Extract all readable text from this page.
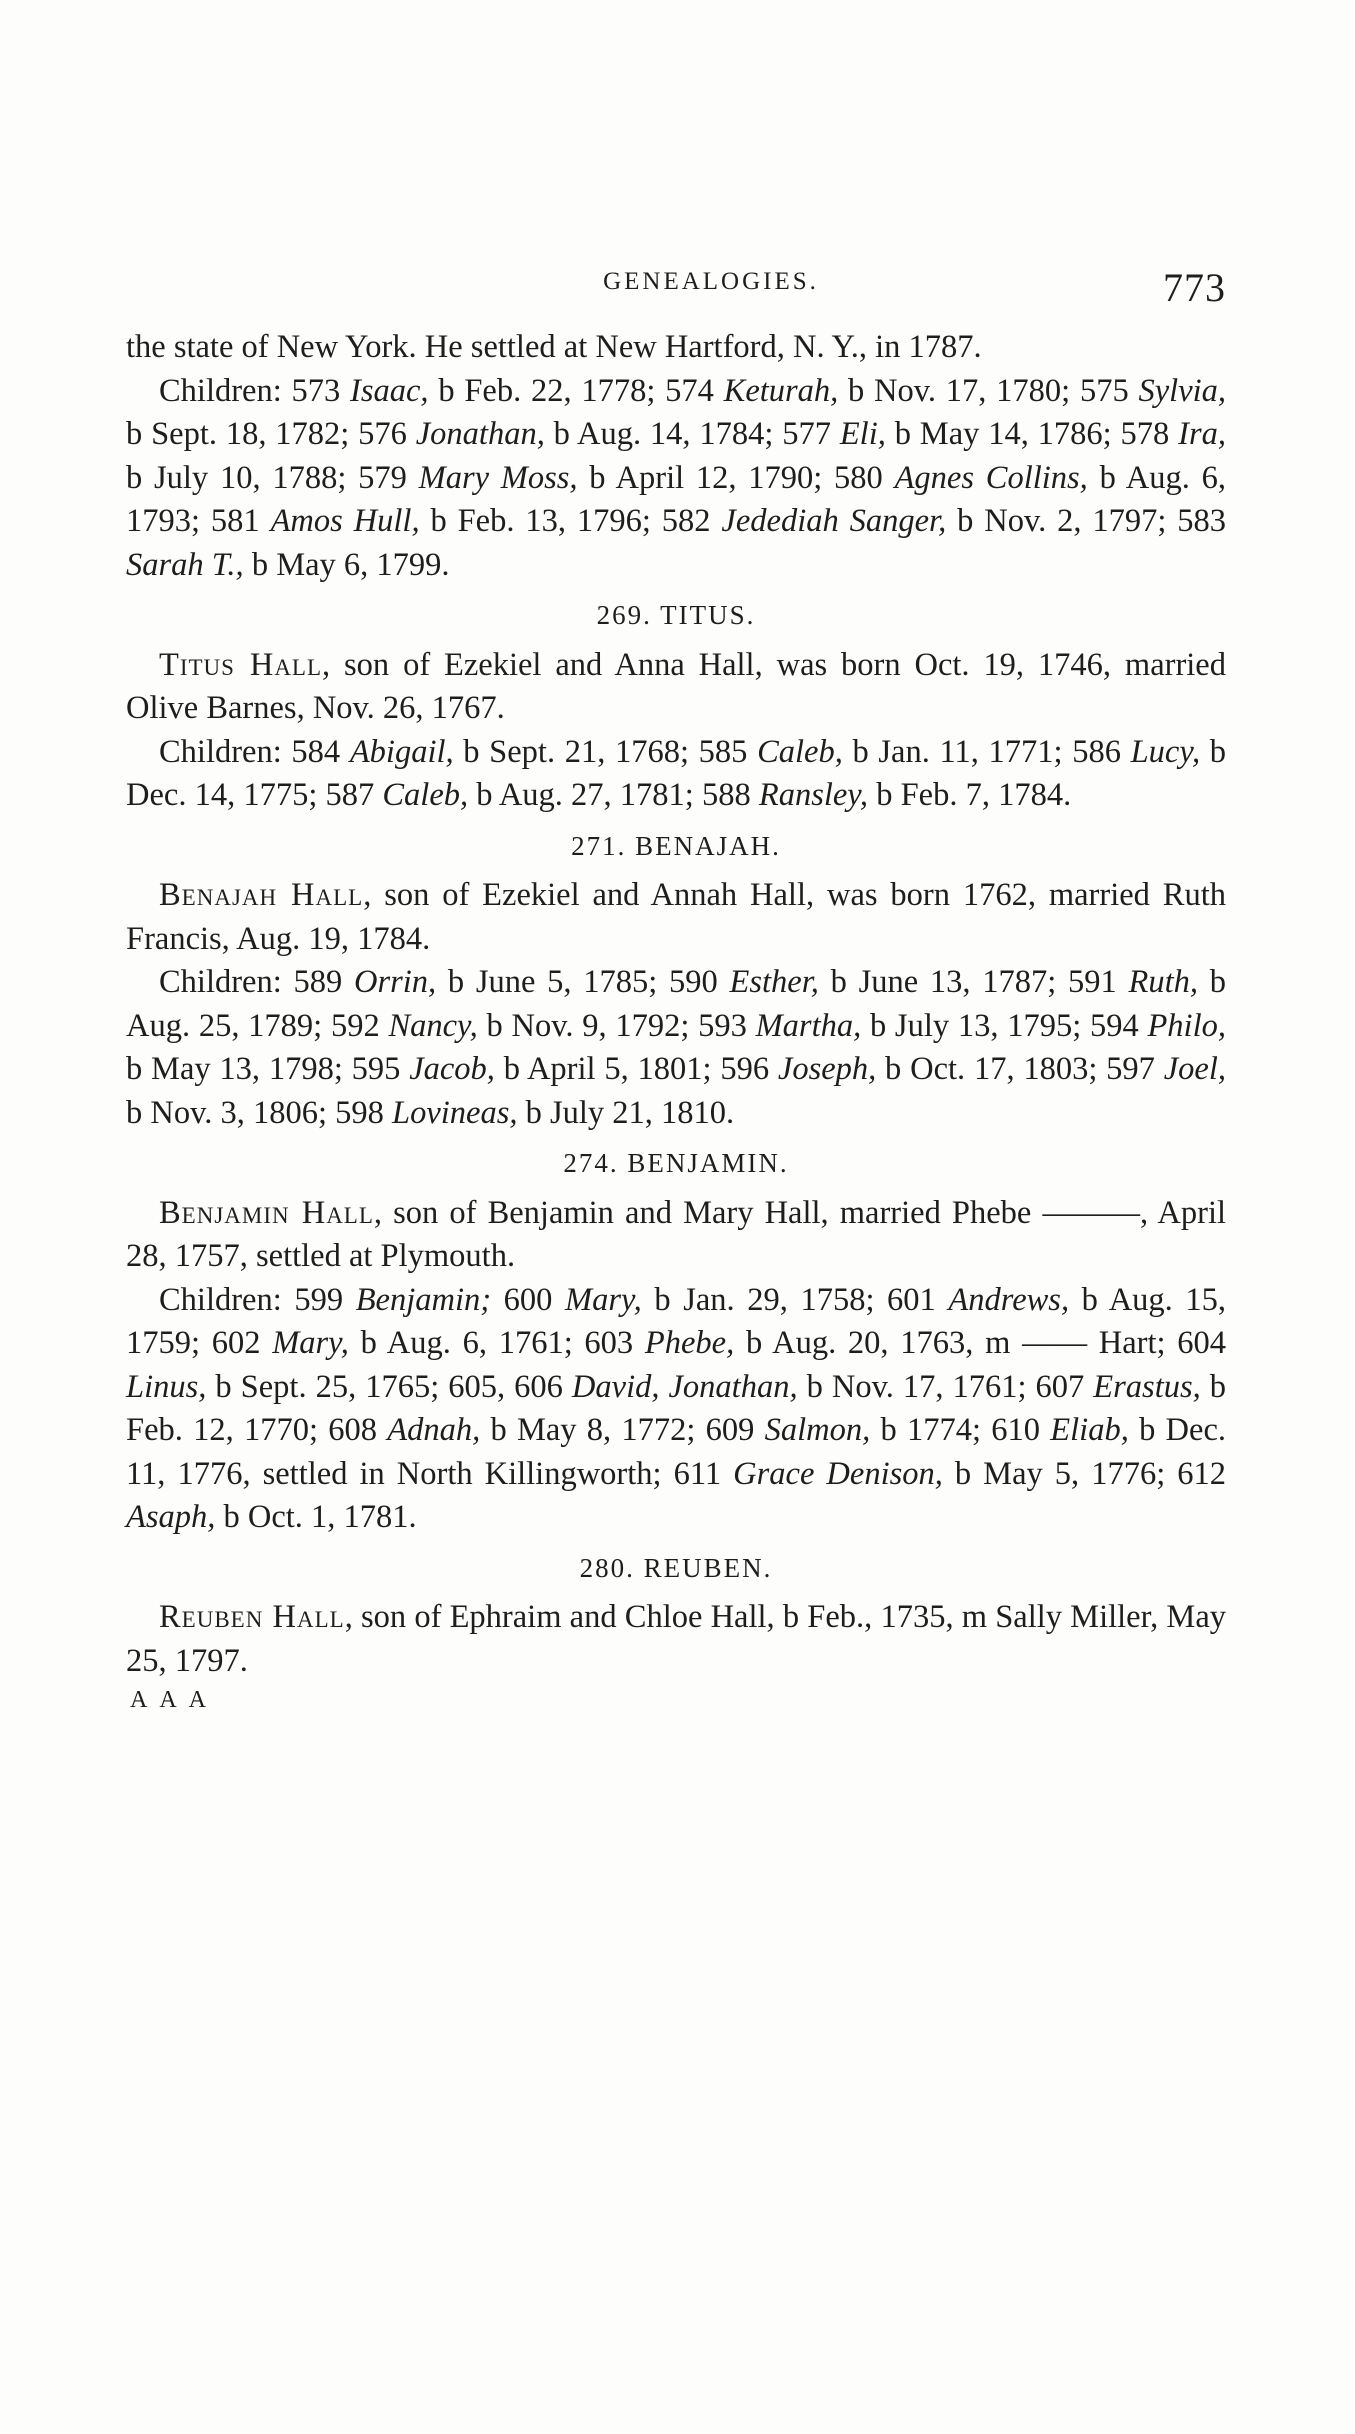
GENEALOGIES.	773

the state of New York. He settled at New Hartford, N. Y., in 1787.

Children: 573 Isaac, b Feb. 22, 1778; 574 Keturah, b Nov. 17, 1780; 575 Sylvia, b Sept. 18, 1782; 576 Jonathan, b Aug. 14, 1784; 577 Eli, b May 14, 1786; 578 Ira, b July 10, 1788; 579 Mary Moss, b April 12, 1790; 580 Agnes Collins, b Aug. 6, 1793; 581 Amos Hull, b Feb. 13, 1796; 582 Jedediah Sanger, b Nov. 2, 1797; 583 Sarah T., b May 6, 1799.

269. TITUS.

Titus Hall, son of Ezekiel and Anna Hall, was born Oct. 19, 1746, married Olive Barnes, Nov. 26, 1767.

Children: 584 Abigail, b Sept. 21, 1768; 585 Caleb, b Jan. 11, 1771; 586 Lucy, b Dec. 14, 1775; 587 Caleb, b Aug. 27, 1781; 588 Ransley, b Feb. 7, 1784.

271. BENAJAH.

Benajah Hall, son of Ezekiel and Annah Hall, was born 1762, married Ruth Francis, Aug. 19, 1784.

Children: 589 Orrin, b June 5, 1785; 590 Esther, b June 13, 1787; 591 Ruth, b Aug. 25, 1789; 592 Nancy, b Nov. 9, 1792; 593 Martha, b July 13, 1795; 594 Philo, b May 13, 1798; 595 Jacob, b April 5, 1801; 596 Joseph, b Oct. 17, 1803; 597 Joel, b Nov. 3, 1806; 598 Lovineas, b July 21, 1810.

274. BENJAMIN.

Benjamin Hall, son of Benjamin and Mary Hall, married Phebe ———, April 28, 1757, settled at Plymouth.

Children: 599 Benjamin; 600 Mary, b Jan. 29, 1758; 601 Andrews, b Aug. 15, 1759; 602 Mary, b Aug. 6, 1761; 603 Phebe, b Aug. 20, 1763, m —— Hart; 604 Linus, b Sept. 25, 1765; 605, 606 David, Jonathan, b Nov. 17, 1761; 607 Erastus, b Feb. 12, 1770; 608 Adnah, b May 8, 1772; 609 Salmon, b 1774; 610 Eliab, b Dec. 11, 1776, settled in North Killingworth; 611 Grace Denison, b May 5, 1776; 612 Asaph, b Oct. 1, 1781.

280. REUBEN.

Reuben Hall, son of Ephraim and Chloe Hall, b Feb., 1735, m Sally Miller, May 25, 1797.

AAA
